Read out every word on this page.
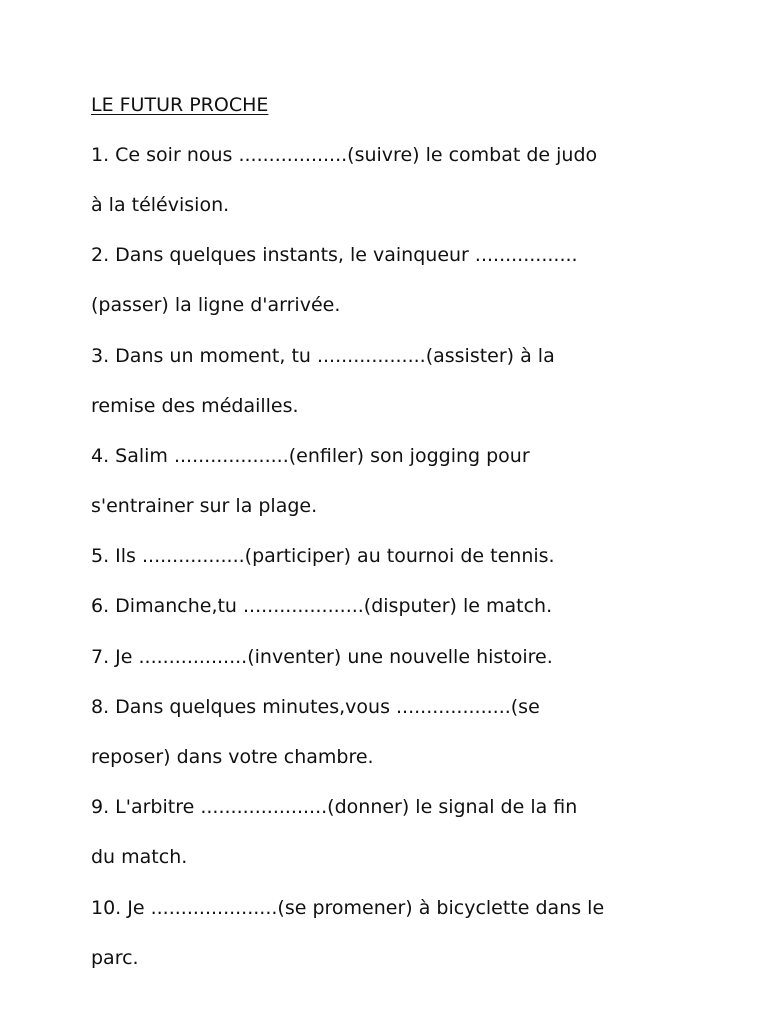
LE FUTUR PROCHE
1. Ce soir nous ..................(suivre) le combat de judo
à la télévision.
2. Dans quelques instants, le vainqueur .................
(passer) la ligne d'arrivée.
3. Dans un moment, tu ..................(assister) à la
remise des médailles.
4. Salim ...................(enfiler) son jogging pour
s'entrainer sur la plage.
5. Ils .................(participer) au tournoi de tennis.
6. Dimanche,tu ....................(disputer) le match.
7. Je ..................(inventer) une nouvelle histoire.
8. Dans quelques minutes,vous ...................(se
reposer) dans votre chambre.
9. L'arbitre .....................(donner) le signal de la fin
du match.
10. Je .....................(se promener) à bicyclette dans le
parc.
